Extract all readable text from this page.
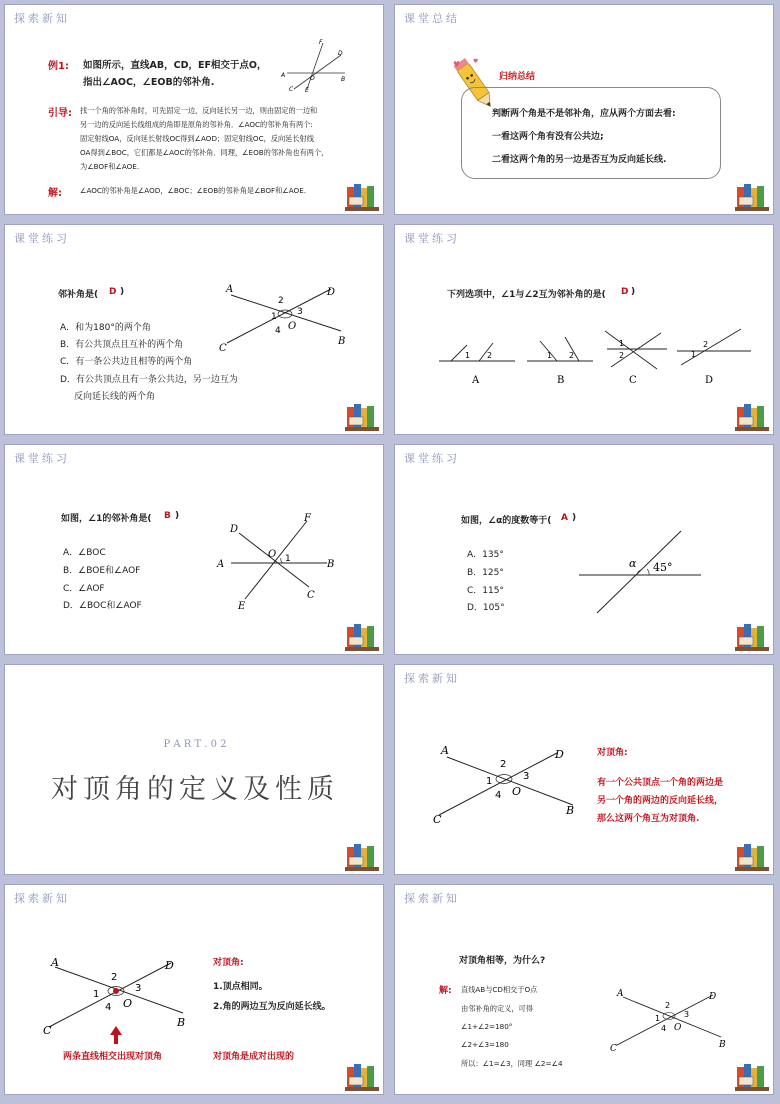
探索新知
例1: 如图所示，直线AB，CD，EF相交于点O，
指出∠AOC，∠EOB的邻补角.
A
B
C
D
E
F
O
引导: 找一个角的邻补角时，可先固定一边，反向延长另一边，则由固定的一边和
另一边的反向延长线组成的角即是原角的邻补角．∠AOC的邻补角有两个:
固定射线OA，反向延长射线OC得到∠AOD；固定射线OC，反向延长射线
OA得到∠BOC，它们都是∠AOC的邻补角．同理，∠EOB的邻补角也有两个，
为∠BOF和∠AOE.
解:	∠AOC的邻补角是∠AOD，∠BOC；∠EOB的邻补角是∠BOF和∠AOE.
课堂总结
♥ ♥
归纳总结
判断两个角是不是邻补角，应从两个方面去看:
一看这两个角有没有公共边;
二看这两个角的另一边是否互为反向延长线.
课堂练习
邻补角是( D )
A．和为180°的两个角
B．有公共顶点且互补的两个角
C．有一条公共边且相等的两个角
D．有公共顶点且有一条公共边，另一边互为
反向延长线的两个角
A
B
C
D
O
1
2
3
4
课堂练习
下列选项中，∠1与∠2互为邻补角的是( D )
1 2	1 2
1
2	1
2
A	B	C	D
课堂练习
如图，∠1的邻补角是( B )
A．∠BOC
B．∠BOE和∠AOF
C．∠AOF
D．∠BOC和∠AOF
A	B
C
D
E
F
O 1
课堂练习
如图，∠α的度数等于( A )
A．135°
B．125°
C．115°
D．105°
α 45°
P A R T . 0 2
对顶角的定义及性质
探索新知
A
B
C
D
O
1
2
3
4
对顶角:
有一个公共顶点一个角的两边是
另一个角的两边的反向延长线，
那么这两个角互为对顶角.
探索新知
A
B
C
D
O
1
2
3
4
对顶角:
1.顶点相同。
2.角的两边互为反向延长线。
两条直线相交出现对顶角	对顶角是成对出现的
探索新知
对顶角相等，为什么?
解: 直线AB与CD相交于O点
由邻补角的定义，可得
∠1+∠2=180°
∠2+∠3=180
所以：∠1=∠3，同理 ∠2=∠4
A
B
C
D
O
1
2
3
4
